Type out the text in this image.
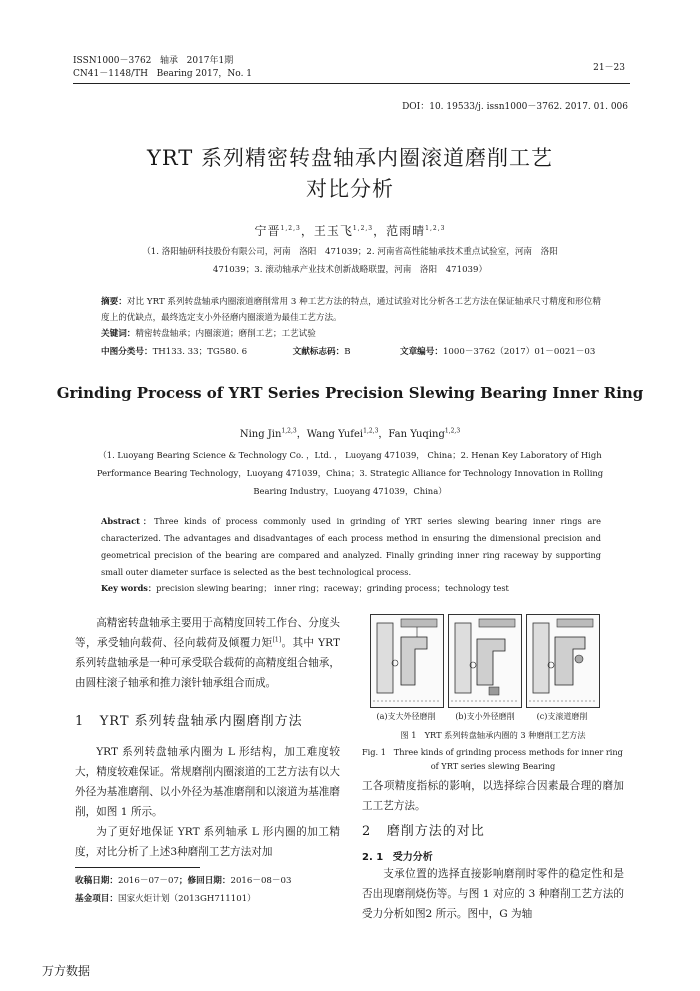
ISSN1000－3762 轴承 2017年1期
CN41－1148/TH Bearing 2017，No. 1
21－23
DOI：10. 19533/j. issn1000－3762. 2017. 01. 006
YRT 系列精密转盘轴承内圈滚道磨削工艺
对比分析
宁晋$^{1,2,3}$，王玉飞$^{1,2,3}$，范雨晴$^{1,2,3}$
（1. 洛阳轴研科技股份有限公司，河南　洛阳　471039；2. 河南省高性能轴承技术重点试验室，河南　洛阳
471039；3. 滚动轴承产业技术创新战略联盟，河南　洛阳　471039）
摘要：对比 YRT 系列转盘轴承内圈滚道磨削常用 3 种工艺方法的特点，通过试验对比分析各工艺方法在保证轴承尺寸精度和形位精度上的优缺点，最终选定支小外径磨内圈滚道为最佳工艺方法。
关键词：精密转盘轴承；内圈滚道；磨削工艺；工艺试验
中图分类号：TH133. 33；TG580. 6	文献标志码：B	文章编号：1000－3762（2017）01－0021－03
Grinding Process of YRT Series Precision Slewing Bearing Inner Ring
Ning Jin$^{1,2,3}$，Wang Yufei$^{1,2,3}$，Fan Yuqing$^{1,2,3}$
（1. Luoyang Bearing Science & Technology Co. ，Ltd. ， Luoyang 471039， China；2. Henan Key Laboratory of High
Performance Bearing Technology，Luoyang 471039，China；3. Strategic Alliance for Technology Innovation in Rolling
Bearing Industry，Luoyang 471039，China）
Abstract：Three kinds of process commonly used in grinding of YRT series slewing bearing inner rings are characterized. The advantages and disadvantages of each process method in ensuring the dimensional precision and geometrical precision of the bearing are compared and analyzed. Finally grinding inner ring raceway by supporting small outer diameter surface is selected as the best technological process.
Key words：precision slewing bearing； inner ring；raceway；grinding process；technology test

高精密转盘轴承主要用于高精度回转工作台、分度头等，承受轴向载荷、径向载荷及倾覆力矩[1]。其中 YRT 系列转盘轴承是一种可承受联合载荷的高精度组合轴承，由圆柱滚子轴承和推力滚针轴承组合而成。

1 YRT 系列转盘轴承内圈磨削方法

YRT 系列转盘轴承内圈为 L 形结构，加工难度较大，精度较难保证。常规磨削内圈滚道的工艺方法有以大外径为基准磨削、以小外径为基准磨削和以滚道为基准磨削，如图 1 所示。

为了更好地保证 YRT 系列轴承 L 形内圈的加工精度，对比分析了上述3种磨削工艺方法对加

收稿日期：2016－07－07；修回日期：2016－08－03
基金项目：国家火炬计划（2013GH711101）
(a)支大外径磨削	(b)支小外径磨削	(c)支滚道磨削
图 1　YRT 系列转盘轴承内圈的 3 种磨削工艺方法
Fig. 1 Three kinds of grinding process methods for inner ring
of YRT series slewing Bearing

工各项精度指标的影响，以选择综合因素最合理的磨加工工艺方法。

2 磨削方法的对比
2. 1 受力分析

支承位置的选择直接影响磨削时零件的稳定性和是否出现磨削烧伤等。与图 1 对应的 3 种磨削工艺方法的受力分析如图2 所示。图中，G 为轴

万方数据
